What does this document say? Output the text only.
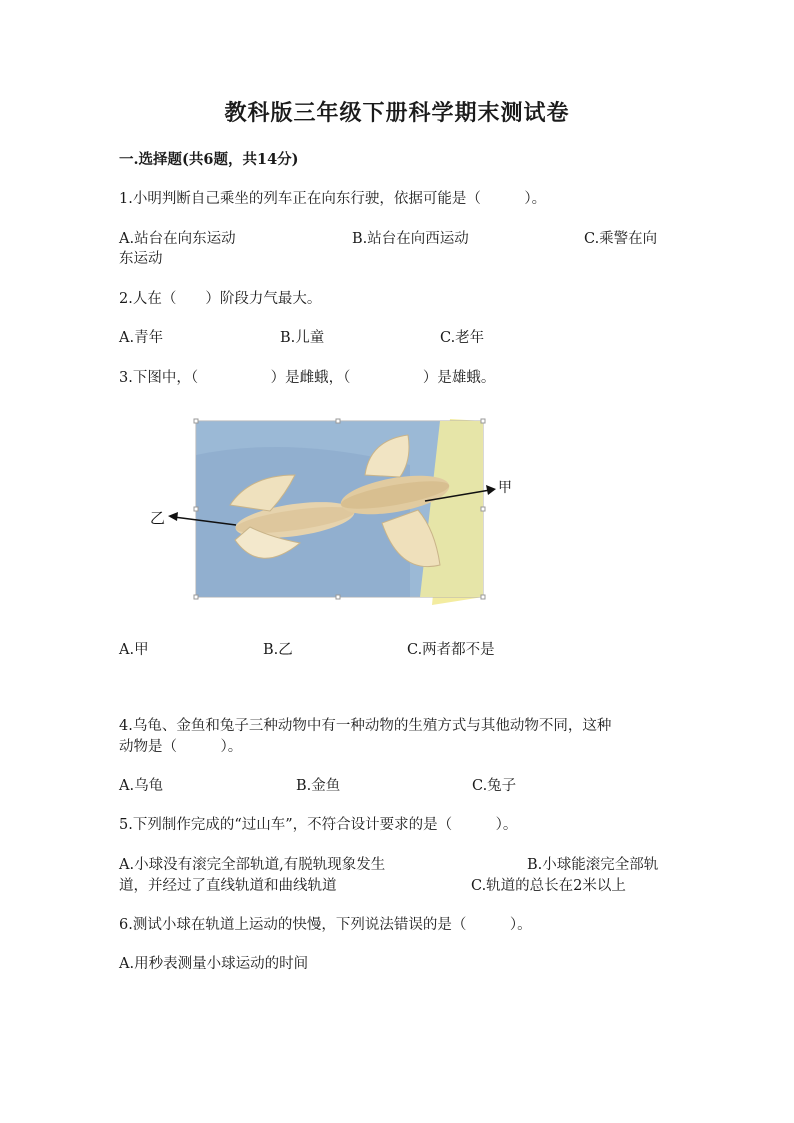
教科版三年级下册科学期末测试卷
一.选择题(共6题，共14分)
1.小明判断自己乘坐的列车正在向东行驶，依据可能是（　　　）。
A.站台在向东运动	B.站台在向西运动	C.乘警在向
东运动
2.人在（　　）阶段力气最大。
A.青年	B.儿童	C.老年
3.下图中，（　　　　　）是雌蛾，（　　　　　）是雄蛾。
乙
甲
A.甲	B.乙	C.两者都不是
4.乌龟、金鱼和兔子三种动物中有一种动物的生殖方式与其他动物不同，这种
动物是（　　　）。
A.乌龟	B.金鱼	C.兔子
5.下列制作完成的“过山车”，不符合设计要求的是（　　　）。
A.小球没有滚完全部轨道,有脱轨现象发生	B.小球能滚完全部轨
道，并经过了直线轨道和曲线轨道	C.轨道的总长在2米以上
6.测试小球在轨道上运动的快慢，下列说法错误的是（　　　）。
A.用秒表测量小球运动的时间
